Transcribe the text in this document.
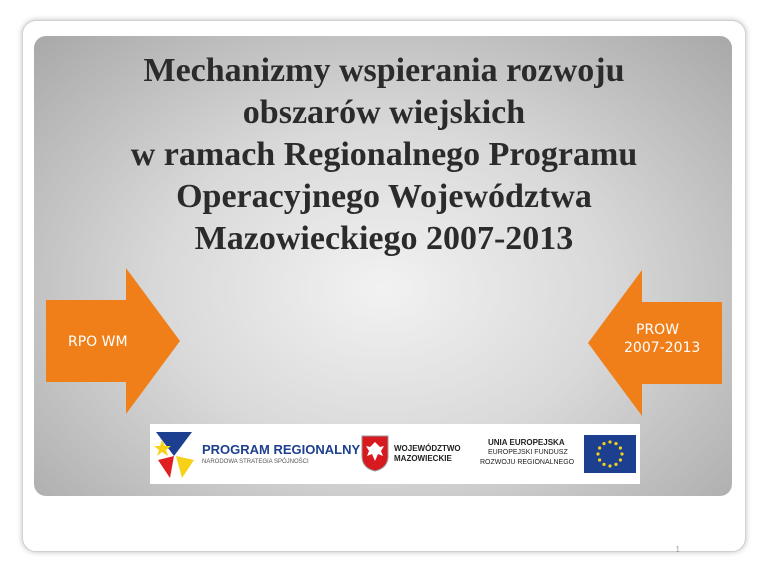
Mechanizmy wspierania rozwoju
obszarów wiejskich
w ramach Regionalnego Programu
Operacyjnego Województwa
Mazowieckiego 2007-2013
RPO WM
PROW
2007-2013
PROGRAM REGIONALNY
NARODOWA STRATEGIA SPÓJNOŚCI
WOJEWÓDZTWO
MAZOWIECKIE
UNIA EUROPEJSKA
EUROPEJSKI FUNDUSZ
ROZWOJU REGIONALNEGO
1
